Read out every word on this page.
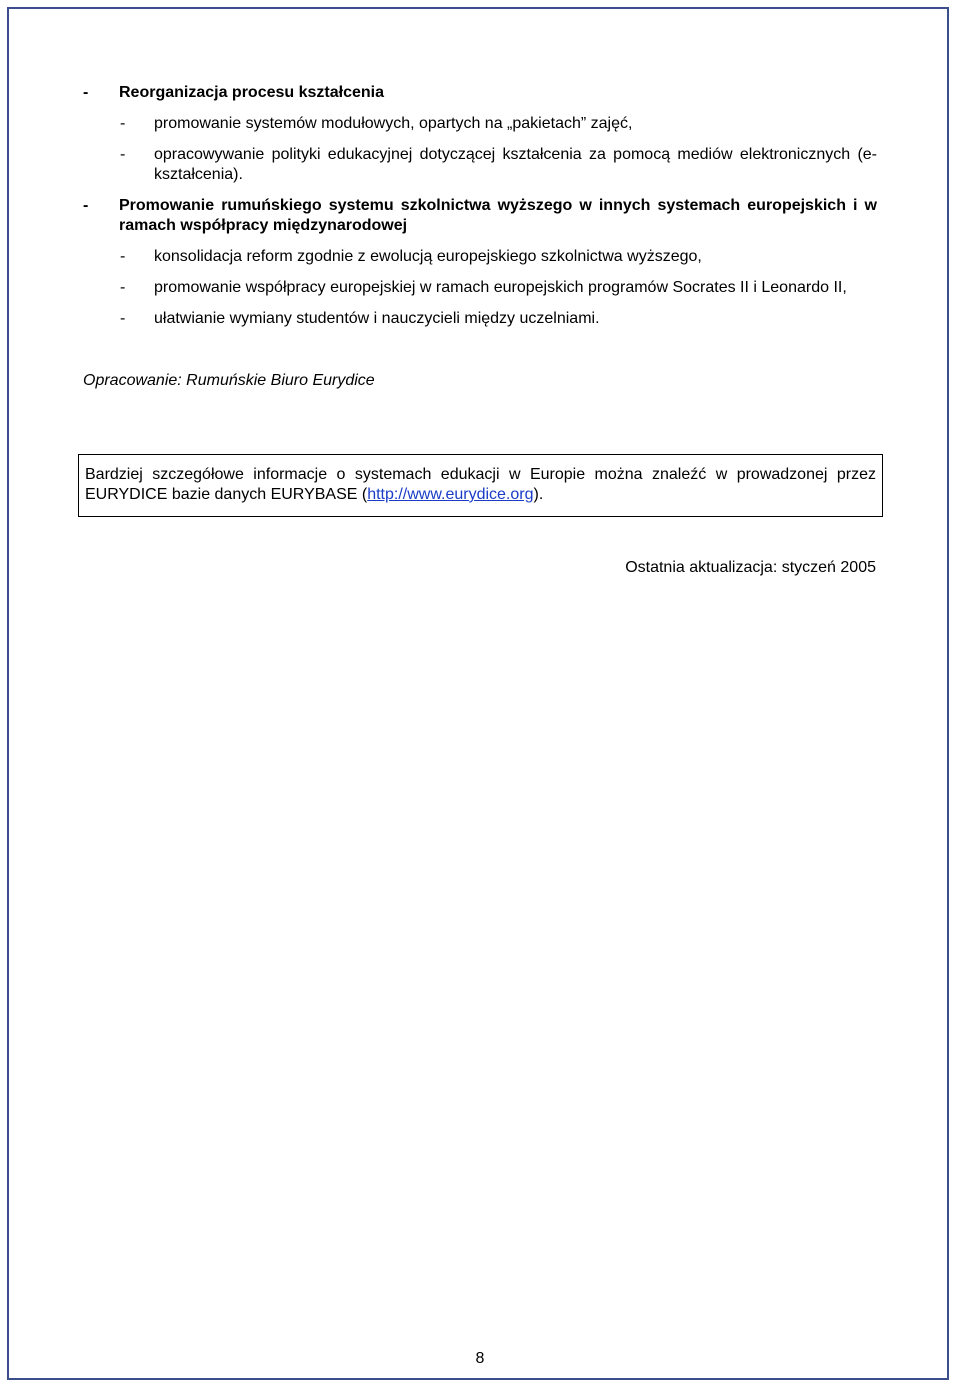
- Reorganizacja procesu kształcenia
- promowanie systemów modułowych, opartych na „pakietach” zajęć,
- opracowywanie polityki edukacyjnej dotyczącej kształcenia za pomocą mediów elektronicznych (e-kształcenia).
- Promowanie rumuńskiego systemu szkolnictwa wyższego w innych systemach europejskich i w ramach współpracy międzynarodowej
- konsolidacja reform zgodnie z ewolucją europejskiego szkolnictwa wyższego,
- promowanie współpracy europejskiej w ramach europejskich programów Socrates II i Leonardo II,
- ułatwianie wymiany studentów i nauczycieli między uczelniami.
Opracowanie: Rumuńskie Biuro Eurydice
Bardziej szczegółowe informacje o systemach edukacji w Europie można znaleźć w prowadzonej przez EURYDICE bazie danych EURYBASE (http://www.eurydice.org).
Ostatnia aktualizacja: styczeń 2005
8
